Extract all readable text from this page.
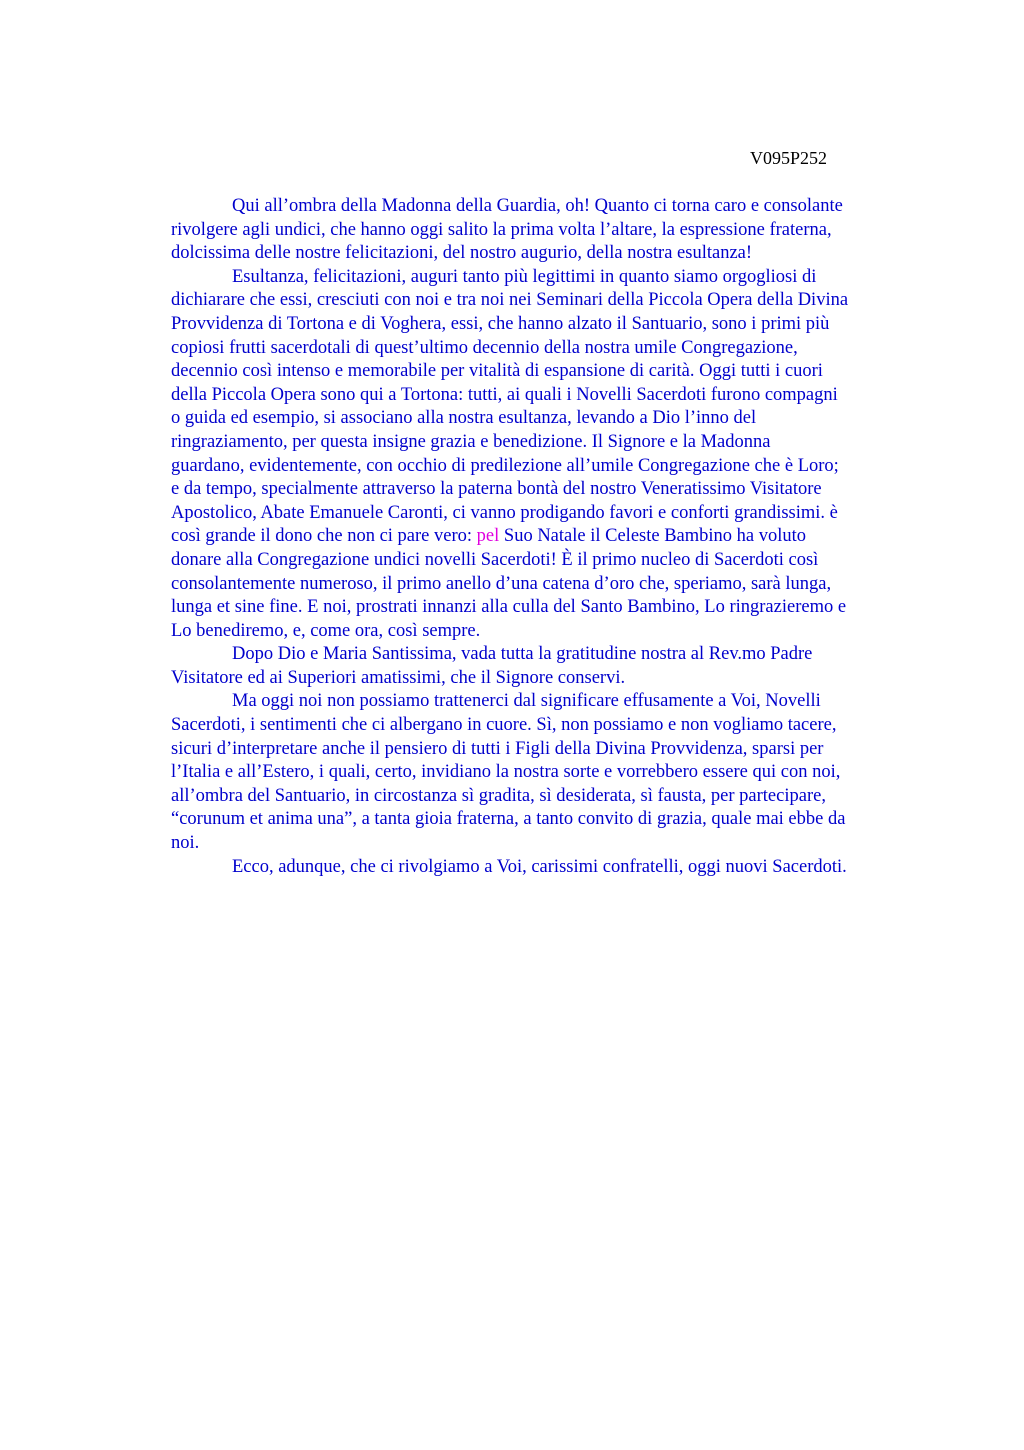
V095P252
Qui all’ombra della Madonna della Guardia, oh! Quanto ci torna caro e consolante
rivolgere agli undici, che hanno oggi salito la prima volta l’altare, la espressione fraterna,
dolcissima delle nostre felicitazioni, del nostro augurio, della nostra esultanza!
Esultanza, felicitazioni, auguri tanto più legittimi in quanto siamo orgogliosi di
dichiarare che essi, cresciuti con noi e tra noi nei Seminari della Piccola Opera della Divina
Provvidenza di Tortona e di Voghera, essi, che hanno alzato il Santuario, sono i primi più
copiosi frutti sacerdotali di quest’ultimo decennio della nostra umile Congregazione,
decennio così intenso e memorabile per vitalità di espansione di carità. Oggi tutti i cuori
della Piccola Opera sono qui a Tortona: tutti, ai quali i Novelli Sacerdoti furono compagni
o guida ed esempio, si associano alla nostra esultanza, levando a Dio l’inno del
ringraziamento, per questa insigne grazia e benedizione. Il Signore e la Madonna
guardano, evidentemente, con occhio di predilezione all’umile Congregazione che è Loro;
e da tempo, specialmente attraverso la paterna bontà del nostro Veneratissimo Visitatore
Apostolico, Abate Emanuele Caronti, ci vanno prodigando favori e conforti grandissimi. è
così grande il dono che non ci pare vero: pel Suo Natale il Celeste Bambino ha voluto
donare alla Congregazione undici novelli Sacerdoti! È il primo nucleo di Sacerdoti così
consolantemente numeroso, il primo anello d’una catena d’oro che, speriamo, sarà lunga,
lunga et sine fine. E noi, prostrati innanzi alla culla del Santo Bambino, Lo ringrazieremo e
Lo benediremo, e, come ora, così sempre.
Dopo Dio e Maria Santissima, vada tutta la gratitudine nostra al Rev.mo Padre
Visitatore ed ai Superiori amatissimi, che il Signore conservi.
Ma oggi noi non possiamo trattenerci dal significare effusamente a Voi, Novelli
Sacerdoti, i sentimenti che ci albergano in cuore. Sì, non possiamo e non vogliamo tacere,
sicuri d’interpretare anche il pensiero di tutti i Figli della Divina Provvidenza, sparsi per
l’Italia e all’Estero, i quali, certo, invidiano la nostra sorte e vorrebbero essere qui con noi,
all’ombra del Santuario, in circostanza sì gradita, sì desiderata, sì fausta, per partecipare,
“corunum et anima una”, a tanta gioia fraterna, a tanto convito di grazia, quale mai ebbe da
noi.
Ecco, adunque, che ci rivolgiamo a Voi, carissimi confratelli, oggi nuovi Sacerdoti.
